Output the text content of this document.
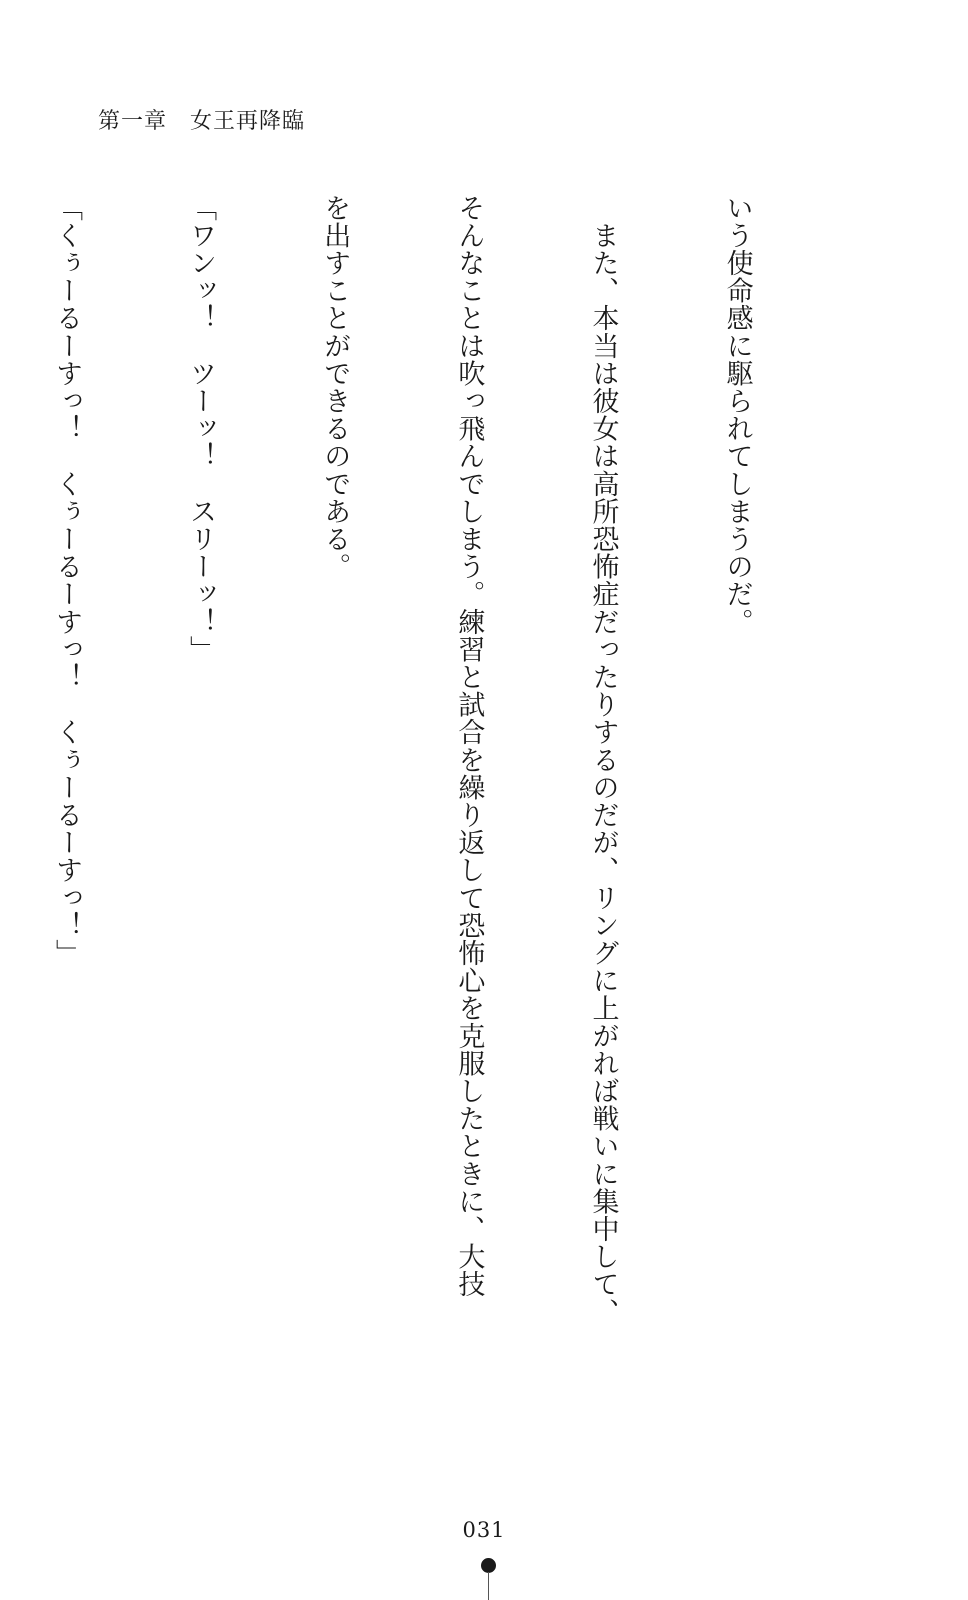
第一章　女王再降臨

いう使命感に駆られてしまうのだ。

　また、本当は彼女は高所恐怖症だったりするのだが、リングに上がれば戦いに集中して、

そんなことは吹っ飛んでしまう。練習と試合を繰り返して恐怖心を克服したときに、大技

を出すことができるのである。

「ワンッ！　ツーッ！　スリーッ！」

「くぅーるーすっ！　くぅーるーすっ！　くぅーるーすっ！」

031
